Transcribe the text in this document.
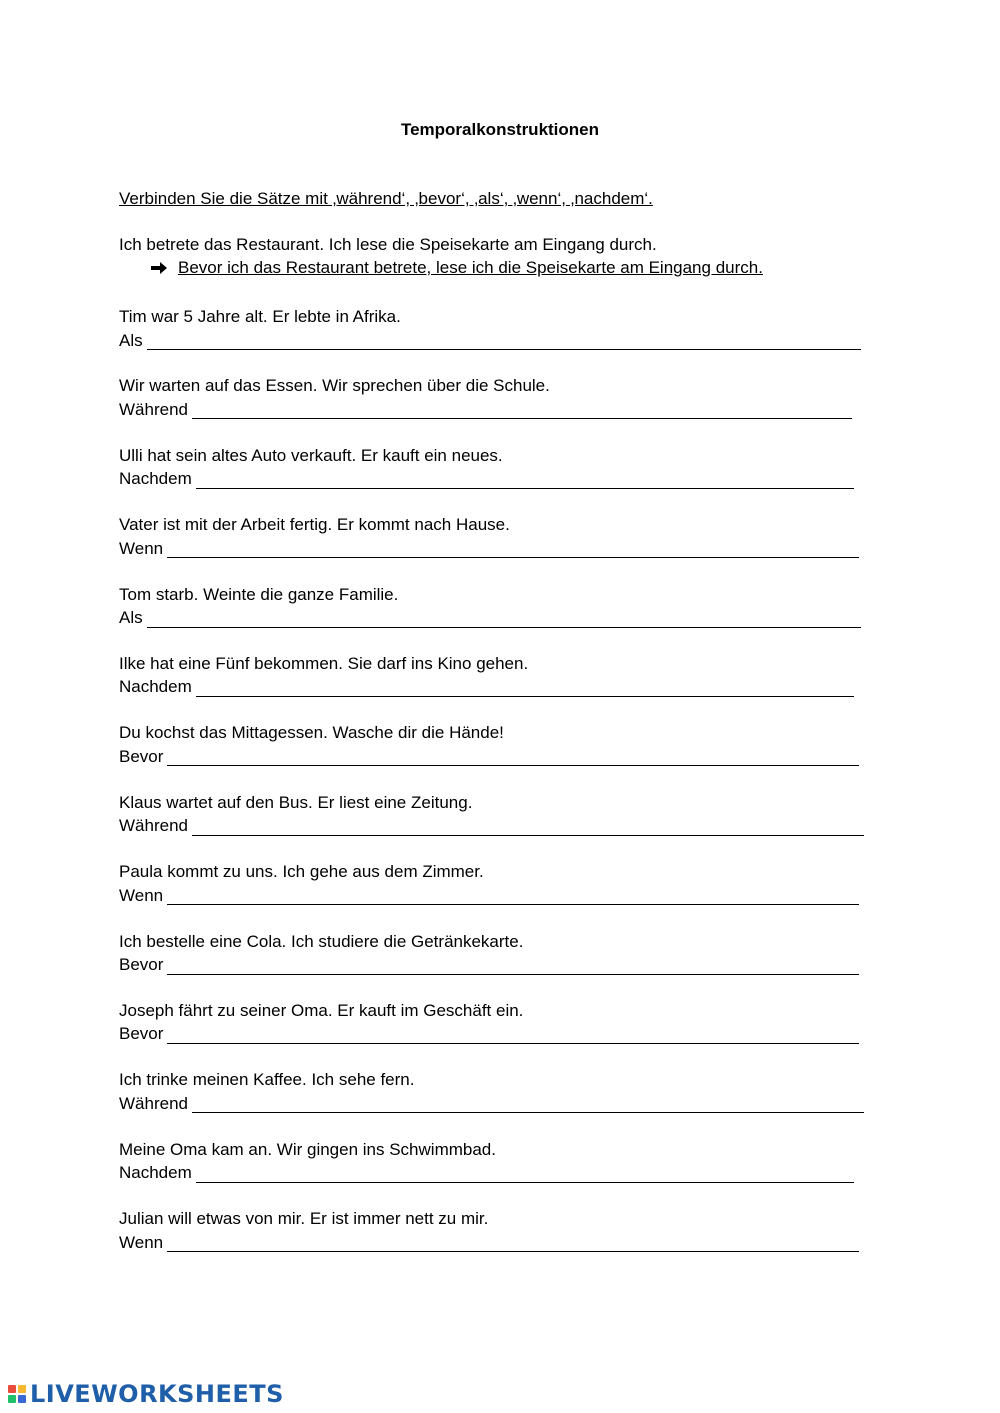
Temporalkonstruktionen
Verbinden Sie die Sätze mit ‚während‘, ‚bevor‘, ‚als‘, ‚wenn‘, ‚nachdem‘.
Ich betrete das Restaurant. Ich lese die Speisekarte am Eingang durch.
Bevor ich das Restaurant betrete, lese ich die Speisekarte am Eingang durch.
Tim war 5 Jahre alt. Er lebte in Afrika.
Als
Wir warten auf das Essen. Wir sprechen über die Schule.
Während
Ulli hat sein altes Auto verkauft. Er kauft ein neues.
Nachdem
Vater ist mit der Arbeit fertig. Er kommt nach Hause.
Wenn
Tom starb. Weinte die ganze Familie.
Als
Ilke hat eine Fünf bekommen. Sie darf ins Kino gehen.
Nachdem
Du kochst das Mittagessen. Wasche dir die Hände!
Bevor
Klaus wartet auf den Bus. Er liest eine Zeitung.
Während
Paula kommt zu uns. Ich gehe aus dem Zimmer.
Wenn
Ich bestelle eine Cola. Ich studiere die Getränkekarte.
Bevor
Joseph fährt zu seiner Oma. Er kauft im Geschäft ein.
Bevor
Ich trinke meinen Kaffee. Ich sehe fern.
Während
Meine Oma kam an. Wir gingen ins Schwimmbad.
Nachdem
Julian will etwas von mir. Er ist immer nett zu mir.
Wenn
LIVEWORKSHEETS
